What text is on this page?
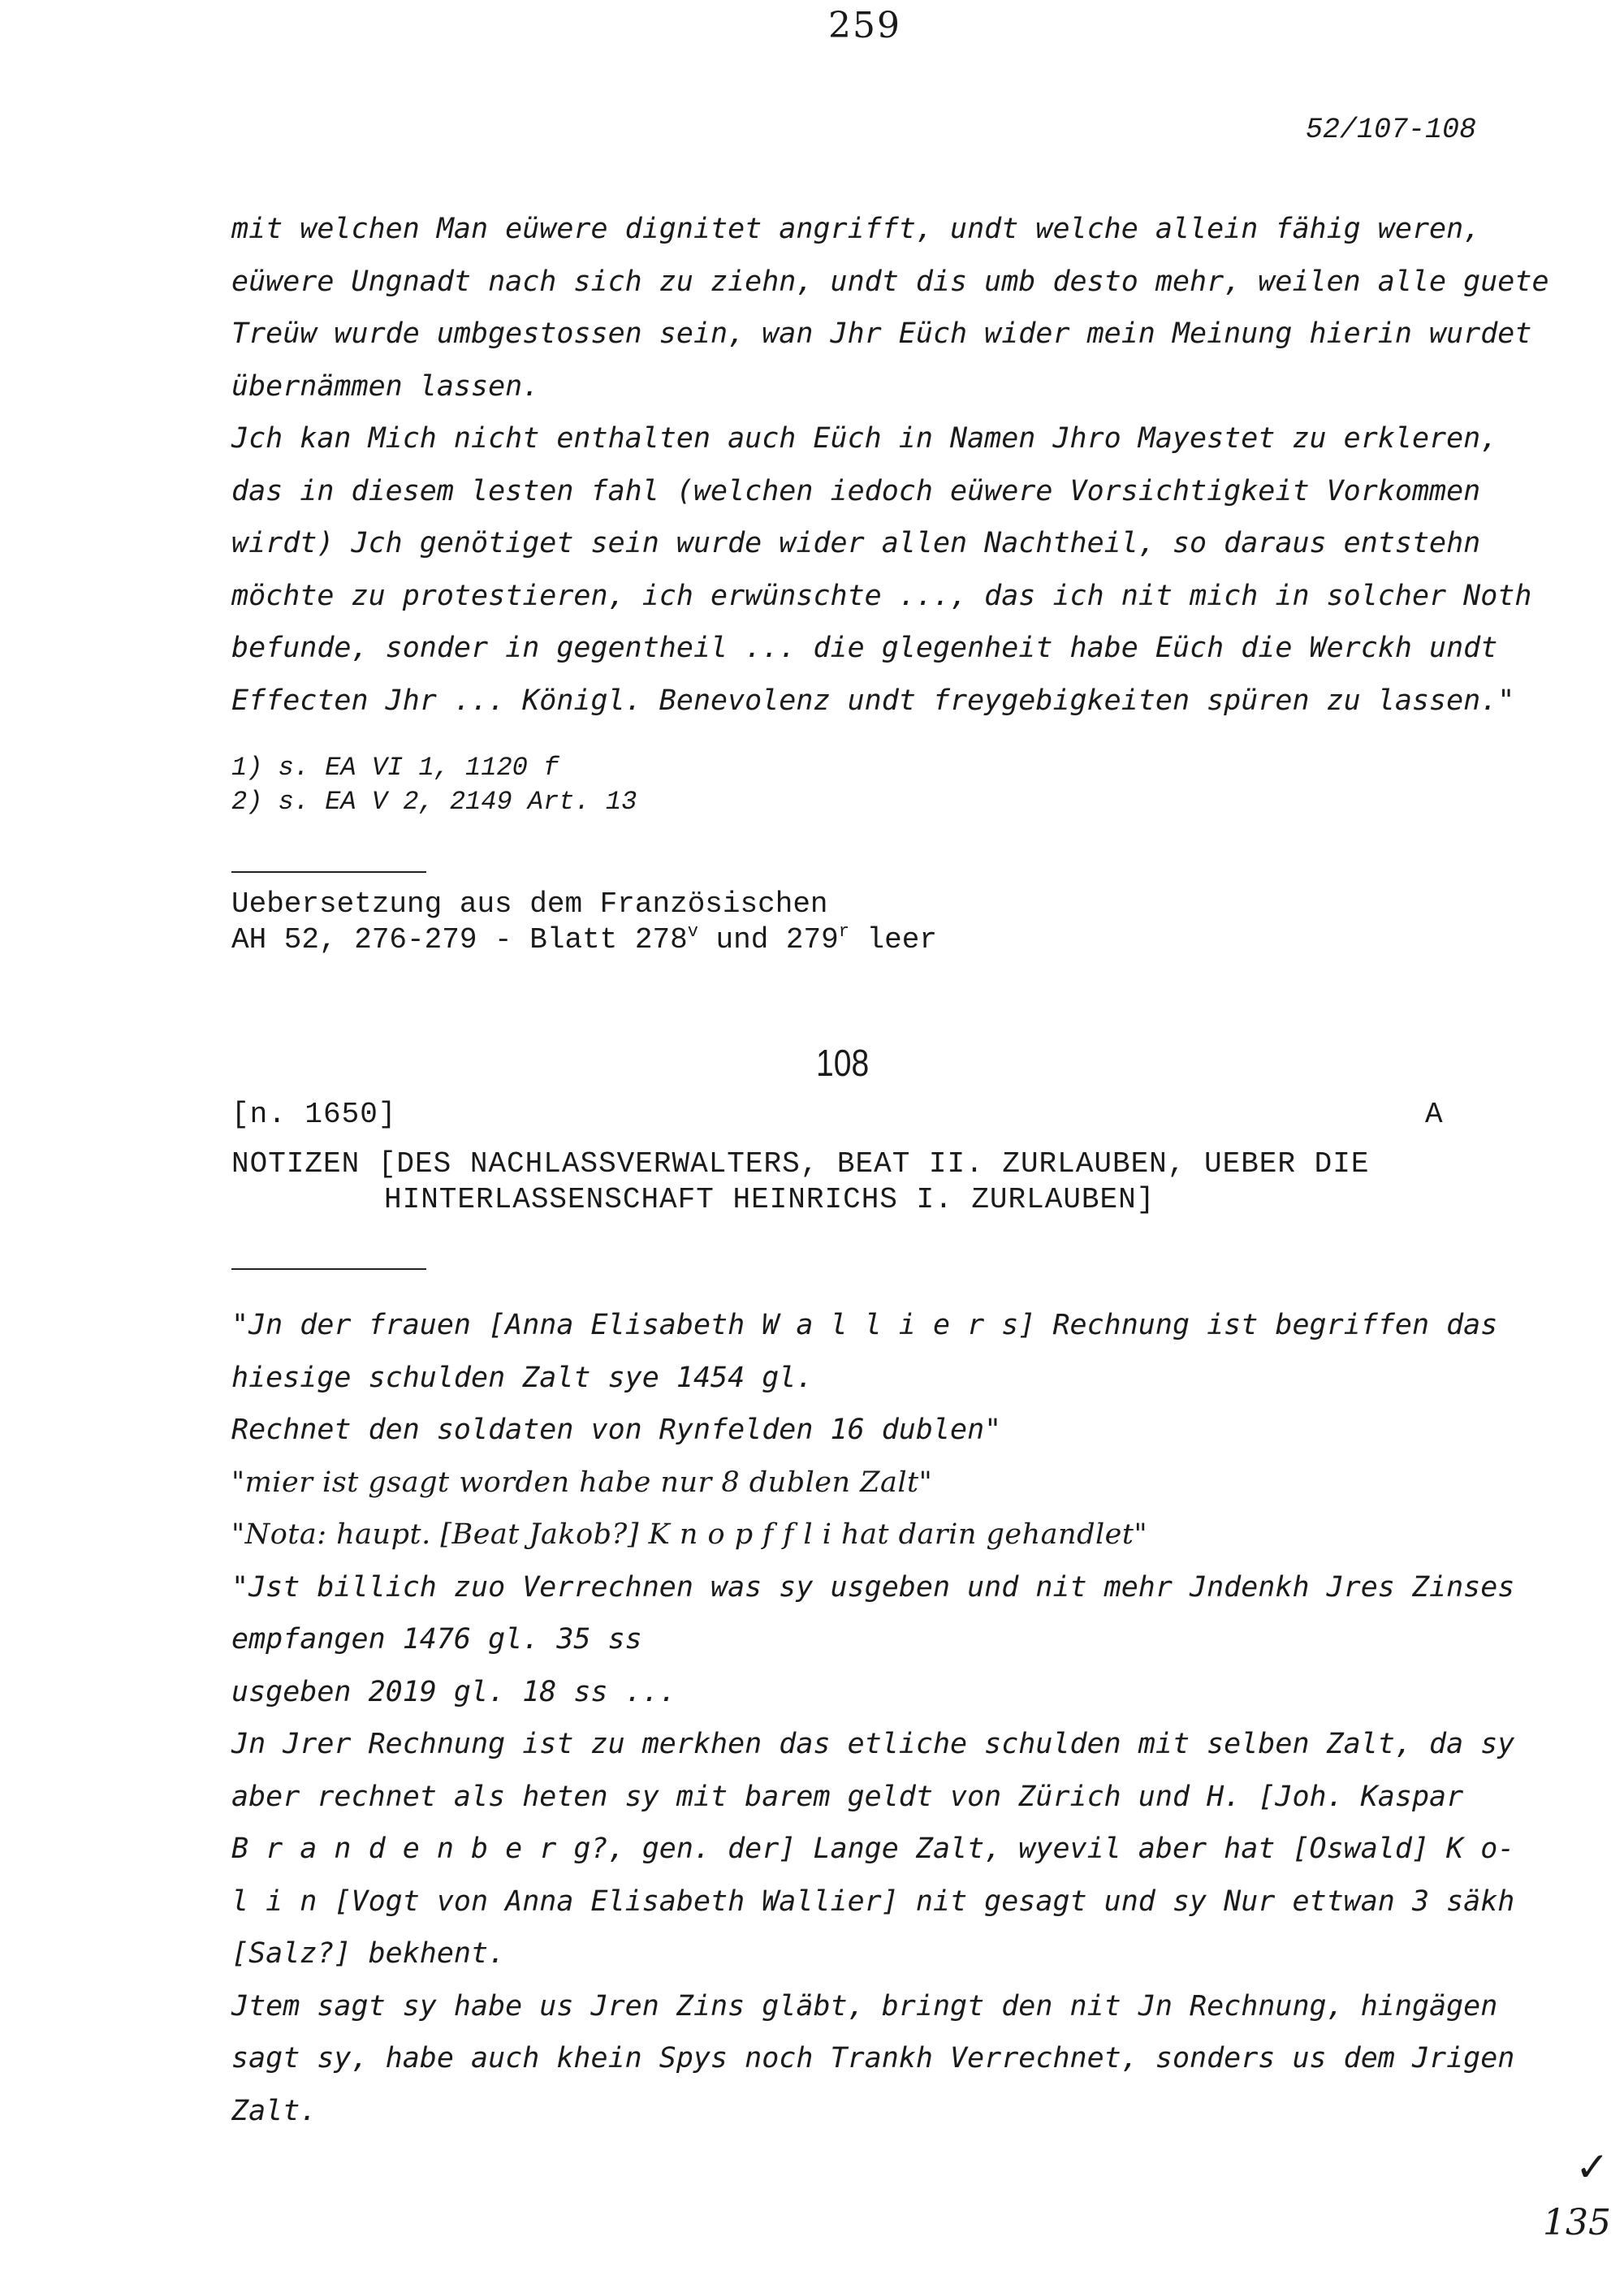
259
52/107-108
mit welchen Man eüwere dignitet angrifft, undt welche allein fähig weren,
eüwere Ungnadt nach sich zu ziehn, undt dis umb desto mehr, weilen alle guete
Treüw wurde umbgestossen sein, wan Jhr Eüch wider mein Meinung hierin wurdet
übernämmen lassen.
Jch kan Mich nicht enthalten auch Eüch in Namen Jhro Mayestet zu erkleren,
das in diesem lesten fahl (welchen iedoch eüwere Vorsichtigkeit Vorkommen
wirdt) Jch genötiget sein wurde wider allen Nachtheil, so daraus entstehn
möchte zu protestieren, ich erwünschte ..., das ich nit mich in solcher Noth
befunde, sonder in gegentheil ... die glegenheit habe Eüch die Werckh undt
Effecten Jhr ... Königl. Benevolenz undt freygebigkeiten spüren zu lassen."
1) s. EA VI 1, 1120 f
2) s. EA V 2, 2149 Art. 13
Uebersetzung aus dem Französischen
AH 52, 276-279 - Blatt 278$^v$ und 279$^r$ leer
108
[n. 1650]	A
NOTIZEN [DES NACHLASSVERWALTERS, BEAT II. ZURLAUBEN, UEBER DIE
HINTERLASSENSCHAFT HEINRICHS I. ZURLAUBEN]
"Jn der frauen [Anna Elisabeth W a l l i e r s] Rechnung ist begriffen das
hiesige schulden Zalt sye 1454 gl.
Rechnet den soldaten von Rynfelden 16 dublen"
"mier ist gsagt worden habe nur 8 dublen Zalt"
"Nota: haupt. [Beat Jakob?] K n o p f f l i hat darin gehandlet"
"Jst billich zuo Verrechnen was sy usgeben und nit mehr Jndenkh Jres Zinses
empfangen 1476 gl. 35 ss
usgeben 2019 gl. 18 ss ...
Jn Jrer Rechnung ist zu merkhen das etliche schulden mit selben Zalt, da sy
aber rechnet als heten sy mit barem geldt von Zürich und H. [Joh. Kaspar
B r a n d e n b e r g?, gen. der] Lange Zalt, wyevil aber hat [Oswald] K o-
l i n [Vogt von Anna Elisabeth Wallier] nit gesagt und sy Nur ettwan 3 säkh
[Salz?] bekhent.
Jtem sagt sy habe us Jren Zins gläbt, bringt den nit Jn Rechnung, hingägen
sagt sy, habe auch khein Spys noch Trankh Verrechnet, sonders us dem Jrigen
Zalt.
✓
135
